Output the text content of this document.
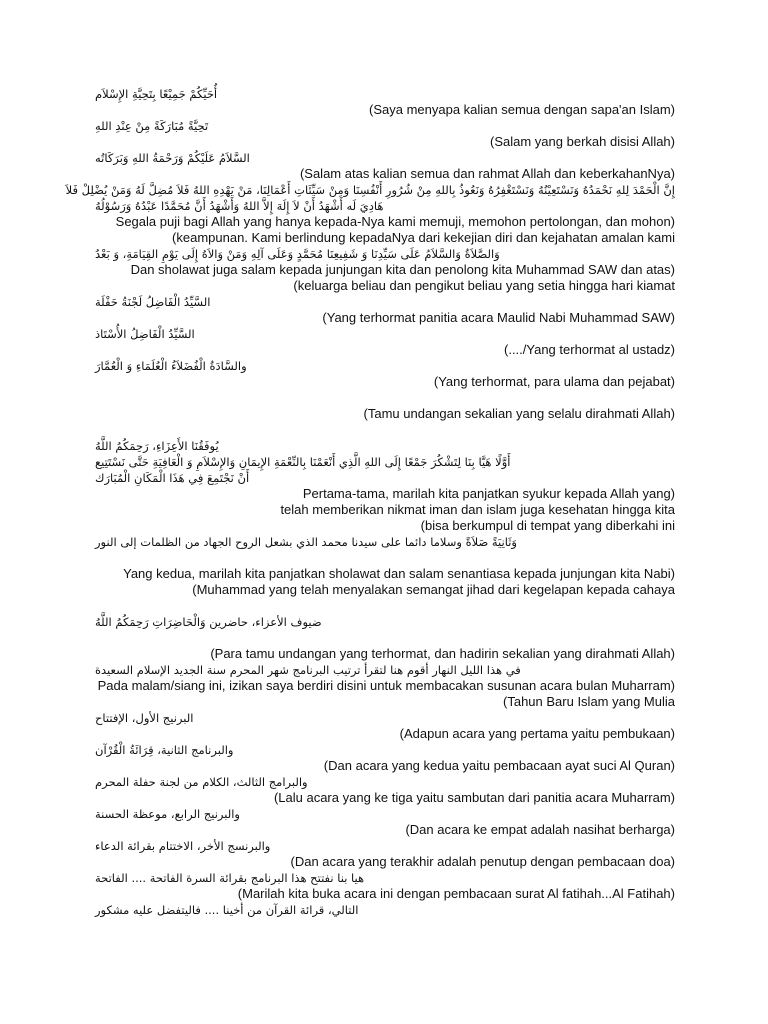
أُحَيِّكُمْ جَمِيْعًا بِتَحِيَّةِ الإِسْلاَم
(Saya menyapa kalian semua dengan sapa'an Islam)
تَحِيَّةً مُبَارَكَةً مِنْ عِنْدِ اللهِ
(Salam yang berkah disisi Allah)
السَّلاَمُ عَلَيْكُمْ وَرَحْمَةُ اللهِ وَبَرَكَاتُه
(Salam atas kalian semua dan rahmat Allah dan keberkahanNya)
إِنَّ الْحَمْدَ لِلهِ نَحْمَدُهُ وَنَسْتَعِيْنُهُ وَنَسْتَغْفِرُهُ وَنَعُوذُ بِاللهِ مِنْ شُرُورِ أَنْفُسِنَا وَمِنْ سَيِّئَاتِ أَعْمَالِنَا، مَنْ يَهْدِهِ اللهُ فَلاَ مُضِلَّ لَهُ وَمَنْ يُضْلِلْ فَلاَ
هَادِيَ لَه أَشْهَدُ أَنْ لاَ إِلَهَ إِلاَّ اللهُ وَأَشْهَدُ أَنَّ مُحَمَّدًا عَبْدُهُ وَرَسُوْلُهُ
Segala puji bagi Allah yang hanya kepada-Nya kami memuji, memohon pertolongan, dan mohon)
(keampunan. Kami berlindung kepadaNya dari kekejian diri dan kejahatan amalan kami
وَالصَّلاَةُ وَالسَّلاَمُ عَلَى سَيِّدِنَا وَ شَفِيعِنَا مُحَمَّدٍ وَعَلَى آلِهِ وَمَنْ وَالاَهُ إِلَى يَوْمِ القِيَامَةِ، وَ بَعْدُ
Dan sholawat juga salam kepada junjungan kita dan penolong kita Muhammad SAW dan atas)
(keluarga beliau dan pengikut beliau yang setia hingga hari kiamat
السَّيِّدُ الْفَاضِلُ لَجْنَةُ حَفْلَة
(Yang terhormat panitia acara Maulid Nabi Muhammad SAW)
السَّيِّدُ الْفَاضِلُ الأُسْتَاذ
(..../Yang terhormat al ustadz)
والسَّادَةُ الْفُضَلاَءُ الْعُلَمَاءِ وَ الْعُمَّارَ
(Yang terhormat, para ulama dan pejabat)
(Tamu undangan sekalian yang selalu dirahmati Allah)
يُوفَقُنَا الأَعِزَاءِ، رَحِمَكُمُ اللَّهُ
أَوَّلًا هَيَّا بِنَا لِتَشْكُرَ جَمْعًا إِلَى اللهِ الَّذِي أَنْعَمْنَا بِالنِّعْمَةِ الإِيمَانِ وَالإِسْلاَمِ وَ الْعَافِيَةِ حَتَّى نَسْتَتِيع
أَنْ نَجْتَمِعَ فِي هَذَا الْمَكَانِ الْمُبَارَك
Pertama-tama, marilah kita panjatkan syukur kepada Allah yang)
telah memberikan nikmat iman dan islam juga kesehatan hingga kita
(bisa berkumpul di tempat yang diberkahi ini
وَثَانِيَةً صَلاَةً وسلاما دائما على سيدنا محمد الذي بشعل الروح الجهاد من الظلمات إلى النور
Yang kedua, marilah kita panjatkan sholawat dan salam senantiasa kepada junjungan kita Nabi)
(Muhammad yang telah menyalakan semangat jihad dari kegelapan kepada cahaya
ضيوف الأعزاء، حاضرين وَالْحَاضِرَاتِ رَحِمَكُمُ اللَّهُ
(Para tamu undangan yang terhormat, dan hadirin sekalian yang dirahmati Allah)
في هذا الليل النهار أقوم هنا لتقرأ ترتيب البرنامج شهر المحرم سنة الجديد الإسلام السعيدة
Pada malam/siang ini, izikan saya berdiri disini untuk membacakan susunan acara bulan Muharram)
(Tahun Baru Islam yang Mulia
البرنيج الأول، الإفتتاح
(Adapun acara yang pertama yaitu pembukaan)
والبرنامج الثانية، قِرَائَةُ الْقُرْآن
(Dan acara yang kedua yaitu pembacaan ayat suci Al Quran)
والبرامج الثالث، الكلام من لجنة حفلة المحرم
(Lalu acara yang ke tiga yaitu sambutan dari panitia acara Muharram)
والبرنيج الرابع، موعظة الحسنة
(Dan acara ke empat adalah nasihat berharga)
والبرنسج الأخر، الاختتام بقرائة الدعاء
(Dan acara yang terakhir adalah penutup dengan pembacaan doa)
هيا بنا نفتتح هذا البرنامج بقرائة السرة الفاتحة .... الفاتحة
(Marilah kita buka acara ini dengan pembacaan surat Al fatihah...Al Fatihah)
التالي، قرائة القرآن من أخينا .... فاليتفضل عليه مشكور
